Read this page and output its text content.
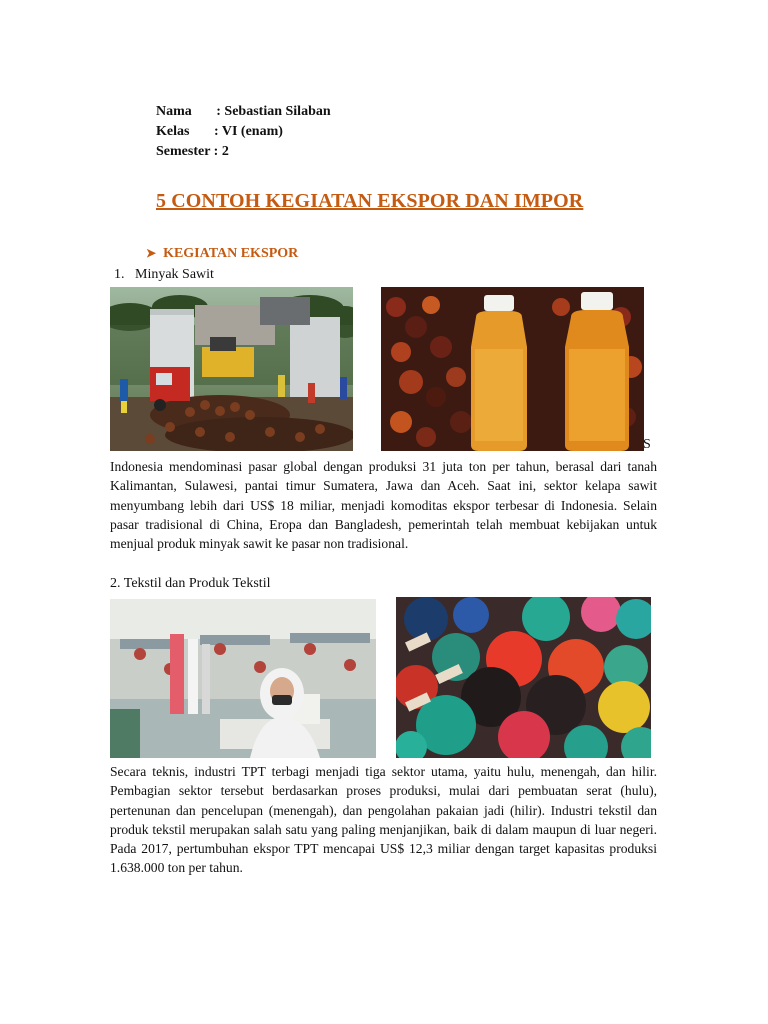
Nama       : Sebastian Silaban
Kelas       : VI (enam)
Semester : 2
5 CONTOH KEGIATAN EKSPOR DAN IMPOR
➤ KEGIATAN EKSPOR
1.   Minyak Sawit
S
Indonesia mendominasi pasar global dengan produksi 31 juta ton per tahun, berasal dari tanah Kalimantan, Sulawesi, pantai timur Sumatera, Jawa dan Aceh. Saat ini, sektor kelapa sawit menyumbang lebih dari US$ 18 miliar, menjadi komoditas ekspor terbesar di Indonesia. Selain pasar tradisional di China, Eropa dan Bangladesh, pemerintah telah membuat kebijakan untuk menjual produk minyak sawit ke pasar non tradisional.
2. Tekstil dan Produk Tekstil
Secara teknis, industri TPT terbagi menjadi tiga sektor utama, yaitu hulu, menengah, dan hilir. Pembagian sektor tersebut berdasarkan proses produksi, mulai dari pembuatan serat (hulu), pertenunan dan pencelupan (menengah), dan pengolahan pakaian jadi (hilir). Industri tekstil dan produk tekstil merupakan salah satu yang paling menjanjikan, baik di dalam maupun di luar negeri. Pada 2017, pertumbuhan ekspor TPT mencapai US$ 12,3 miliar dengan target kapasitas produksi 1.638.000 ton per tahun.
